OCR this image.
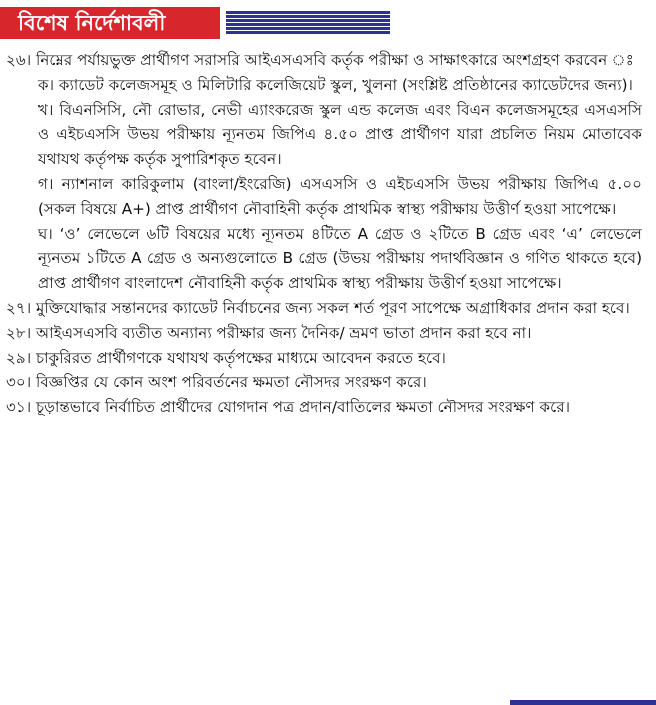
বিশেষ নির্দেশাবলী

২৬। নিম্নের পর্যায়ভুক্ত প্রার্থীগণ সরাসরি আইএসএসবি কর্তৃক পরীক্ষা ও সাক্ষাৎকারে অংশগ্রহণ করবেন ঃ

ক। ক্যাডেট কলেজসমূহ ও মিলিটারি কলেজিয়েট স্কুল, খুলনা (সংশ্লিষ্ট প্রতিষ্ঠানের ক্যাডেটদের জন্য)।

খ। বিএনসিসি, নৌ রোভার, নেভী এ্যাংকরেজ স্কুল এন্ড কলেজ এবং বিএন কলেজসমূহের এসএসসি ও এইচএসসি উভয় পরীক্ষায় ন্যূনতম জিপিএ ৪.৫০ প্রাপ্ত প্রার্থীগণ যারা প্রচলিত নিয়ম মোতাবেক যথাযথ কর্তৃপক্ষ কর্তৃক সুপারিশকৃত হবেন।

গ। ন্যাশনাল কারিকুলাম (বাংলা/ইংরেজি) এসএসসি ও এইচএসসি উভয় পরীক্ষায় জিপিএ ৫.০০ (সকল বিষয়ে A+) প্রাপ্ত প্রার্থীগণ নৌবাহিনী কর্তৃক প্রাথমিক স্বাস্থ্য পরীক্ষায় উত্তীর্ণ হওয়া সাপেক্ষে।

ঘ। ‘ও’ লেভেলে ৬টি বিষয়ের মধ্যে ন্যূনতম ৪টিতে A গ্রেড ও ২টিতে B গ্রেড এবং ‘এ’ লেভেলে ন্যূনতম ১টিতে A গ্রেড ও অন্যগুলোতে B গ্রেড (উভয় পরীক্ষায় পদার্থবিজ্ঞান ও গণিত থাকতে হবে) প্রাপ্ত প্রার্থীগণ বাংলাদেশ নৌবাহিনী কর্তৃক প্রাথমিক স্বাস্থ্য পরীক্ষায় উত্তীর্ণ হওয়া সাপেক্ষে।

২৭। মুক্তিযোদ্ধার সন্তানদের ক্যাডেট নির্বাচনের জন্য সকল শর্ত পূরণ সাপেক্ষে অগ্রাধিকার প্রদান করা হবে।

২৮। আইএসএসবি ব্যতীত অন্যান্য পরীক্ষার জন্য দৈনিক/ ভ্রমণ ভাতা প্রদান করা হবে না।

২৯। চাকুরিরত প্রার্থীগণকে যথাযথ কর্তৃপক্ষের মাধ্যমে আবেদন করতে হবে।

৩০। বিজ্ঞপ্তির যে কোন অংশ পরিবর্তনের ক্ষমতা নৌসদর সংরক্ষণ করে।

৩১। চূড়ান্তভাবে নির্বাচিত প্রার্থীদের যোগদান পত্র প্রদান/বাতিলের ক্ষমতা নৌসদর সংরক্ষণ করে।
